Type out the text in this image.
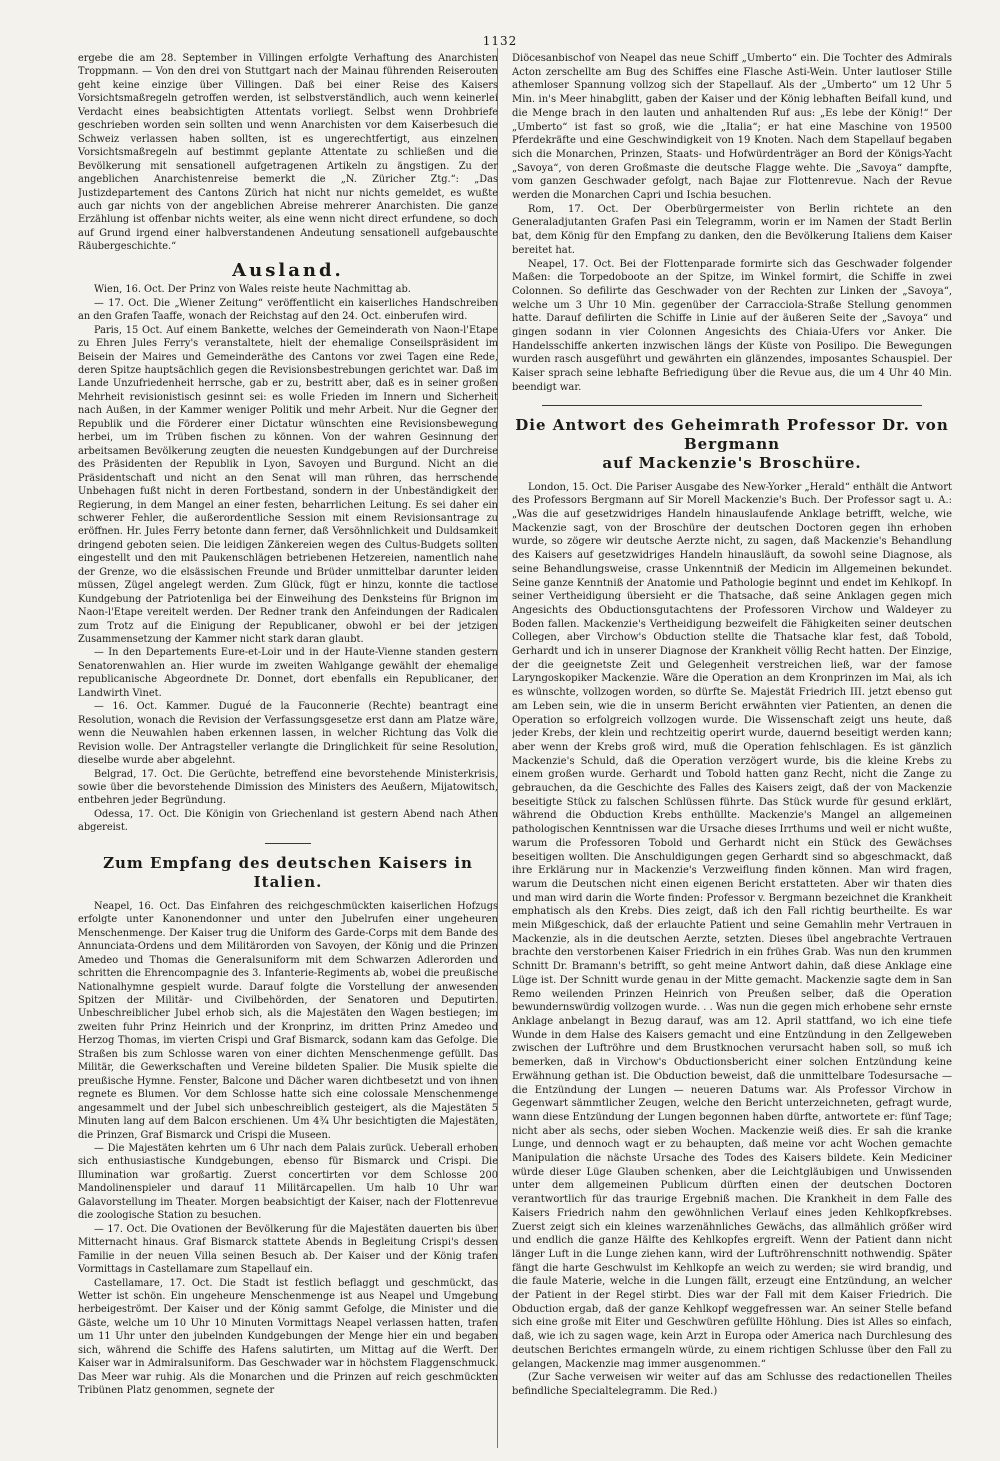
1132

ergebe die am 28. September in Villingen erfolgte Verhaftung des Anarchisten Troppmann. — Von den drei von Stuttgart nach der Mainau führenden Reiserouten geht keine einzige über Villingen. Daß bei einer Reise des Kaisers Vorsichtsmaßregeln getroffen werden, ist selbstverständlich, auch wenn keinerlei Verdacht eines beabsichtigten Attentats vorliegt. Selbst wenn Drohbriefe geschrieben worden sein sollten und wenn Anarchisten vor dem Kaiserbesuch die Schweiz verlassen haben sollten, ist es ungerechtfertigt, aus einzelnen Vorsichtsmaßregeln auf bestimmt geplante Attentate zu schließen und die Bevölkerung mit sensationell aufgetragenen Artikeln zu ängstigen. Zu der angeblichen Anarchistenreise bemerkt die „N. Züricher Ztg.“: „Das Justizdepartement des Cantons Zürich hat nicht nur nichts gemeldet, es wußte auch gar nichts von der angeblichen Abreise mehrerer Anarchisten. Die ganze Erzählung ist offenbar nichts weiter, als eine wenn nicht direct erfundene, so doch auf Grund irgend einer halbverstandenen Andeutung sensationell aufgebauschte Räubergeschichte.“

Ausland.

Wien, 16. Oct. Der Prinz von Wales reiste heute Nachmittag ab.

— 17. Oct. Die „Wiener Zeitung“ veröffentlicht ein kaiserliches Handschreiben an den Grafen Taaffe, wonach der Reichstag auf den 24. Oct. einberufen wird.

Paris, 15 Oct. Auf einem Bankette, welches der Gemeinderath von Naon-l'Etape zu Ehren Jules Ferry's veranstaltete, hielt der ehemalige Conseilspräsident im Beisein der Maires und Gemeinderäthe des Cantons vor zwei Tagen eine Rede, deren Spitze hauptsächlich gegen die Revisionsbestrebungen gerichtet war. Daß im Lande Unzufriedenheit herrsche, gab er zu, bestritt aber, daß es in seiner großen Mehrheit revisionistisch gesinnt sei: es wolle Frieden im Innern und Sicherheit nach Außen, in der Kammer weniger Politik und mehr Arbeit. Nur die Gegner der Republik und die Förderer einer Dictatur wünschten eine Revisionsbewegung herbei, um im Trüben fischen zu können. Von der wahren Gesinnung der arbeitsamen Bevölkerung zeugten die neuesten Kundgebungen auf der Durchreise des Präsidenten der Republik in Lyon, Savoyen und Burgund. Nicht an die Präsidentschaft und nicht an den Senat will man rühren, das herrschende Unbehagen fußt nicht in deren Fortbestand, sondern in der Unbeständigkeit der Regierung, in dem Mangel an einer festen, beharrlichen Leitung. Es sei daher ein schwerer Fehler, die außerordentliche Session mit einem Revisionsantrage zu eröffnen. Hr. Jules Ferry betonte dann ferner, daß Versöhnlichkeit und Duldsamkeit dringend geboten seien. Die leidigen Zänkereien wegen des Cultus-Budgets sollten eingestellt und den mit Paukenschlägen betriebenen Hetzereien, namentlich nahe der Grenze, wo die elsässischen Freunde und Brüder unmittelbar darunter leiden müssen, Zügel angelegt werden. Zum Glück, fügt er hinzu, konnte die tactlose Kundgebung der Patriotenliga bei der Einweihung des Denksteins für Brignon im Naon-l'Etape vereitelt werden. Der Redner trank den Anfeindungen der Radicalen zum Trotz auf die Einigung der Republicaner, obwohl er bei der jetzigen Zusammensetzung der Kammer nicht stark daran glaubt.

— In den Departements Eure-et-Loir und in der Haute-Vienne standen gestern Senatorenwahlen an. Hier wurde im zweiten Wahlgange gewählt der ehemalige republicanische Abgeordnete Dr. Donnet, dort ebenfalls ein Republicaner, der Landwirth Vinet.

— 16. Oct. Kammer. Dugué de la Fauconnerie (Rechte) beantragt eine Resolution, wonach die Revision der Verfassungsgesetze erst dann am Platze wäre, wenn die Neuwahlen haben erkennen lassen, in welcher Richtung das Volk die Revision wolle. Der Antragsteller verlangte die Dringlichkeit für seine Resolution, dieselbe wurde aber abgelehnt.

Belgrad, 17. Oct. Die Gerüchte, betreffend eine bevorstehende Ministerkrisis, sowie über die bevorstehende Dimission des Ministers des Aeußern, Mijatowitsch, entbehren jeder Begründung.

Odessa, 17. Oct. Die Königin von Griechenland ist gestern Abend nach Athen abgereist.

Zum Empfang des deutschen Kaisers in Italien.

Neapel, 16. Oct. Das Einfahren des reichgeschmückten kaiserlichen Hofzugs erfolgte unter Kanonendonner und unter den Jubelrufen einer ungeheuren Menschenmenge. Der Kaiser trug die Uniform des Garde-Corps mit dem Bande des Annunciata-Ordens und dem Militärorden von Savoyen, der König und die Prinzen Amedeo und Thomas die Generalsuniform mit dem Schwarzen Adlerorden und schritten die Ehrencompagnie des 3. Infanterie-Regiments ab, wobei die preußische Nationalhymne gespielt wurde. Darauf folgte die Vorstellung der anwesenden Spitzen der Militär- und Civilbehörden, der Senatoren und Deputirten. Unbeschreiblicher Jubel erhob sich, als die Majestäten den Wagen bestiegen; im zweiten fuhr Prinz Heinrich und der Kronprinz, im dritten Prinz Amedeo und Herzog Thomas, im vierten Crispi und Graf Bismarck, sodann kam das Gefolge. Die Straßen bis zum Schlosse waren von einer dichten Menschenmenge gefüllt. Das Militär, die Gewerkschaften und Vereine bildeten Spalier. Die Musik spielte die preußische Hymne. Fenster, Balcone und Dächer waren dichtbesetzt und von ihnen regnete es Blumen. Vor dem Schlosse hatte sich eine colossale Menschenmenge angesammelt und der Jubel sich unbeschreiblich gesteigert, als die Majestäten 5 Minuten lang auf dem Balcon erschienen. Um 4¾ Uhr besichtigten die Majestäten, die Prinzen, Graf Bismarck und Crispi die Museen.

— Die Majestäten kehrten um 6 Uhr nach dem Palais zurück. Ueberall erhoben sich enthusiastische Kundgebungen, ebenso für Bismarck und Crispi. Die Illumination war großartig. Zuerst concertirten vor dem Schlosse 200 Mandolinenspieler und darauf 11 Militärcapellen. Um halb 10 Uhr war Galavorstellung im Theater. Morgen beabsichtigt der Kaiser, nach der Flottenrevue die zoologische Station zu besuchen.

— 17. Oct. Die Ovationen der Bevölkerung für die Majestäten dauerten bis über Mitternacht hinaus. Graf Bismarck stattete Abends in Begleitung Crispi's dessen Familie in der neuen Villa seinen Besuch ab. Der Kaiser und der König trafen Vormittags in Castellamare zum Stapellauf ein.

Castellamare, 17. Oct. Die Stadt ist festlich beflaggt und geschmückt, das Wetter ist schön. Ein ungeheure Menschenmenge ist aus Neapel und Umgebung herbeigeströmt. Der Kaiser und der König sammt Gefolge, die Minister und die Gäste, welche um 10 Uhr 10 Minuten Vormittags Neapel verlassen hatten, trafen um 11 Uhr unter den jubelnden Kundgebungen der Menge hier ein und begaben sich, während die Schiffe des Hafens salutirten, um Mittag auf die Werft. Der Kaiser war in Admiralsuniform. Das Geschwader war in höchstem Flaggenschmuck. Das Meer war ruhig. Als die Monarchen und die Prinzen auf reich geschmückten Tribünen Platz genommen, segnete der

Diöcesanbischof von Neapel das neue Schiff „Umberto“ ein. Die Tochter des Admirals Acton zerschellte am Bug des Schiffes eine Flasche Asti-Wein. Unter lautloser Stille athemloser Spannung vollzog sich der Stapellauf. Als der „Umberto“ um 12 Uhr 5 Min. in's Meer hinabglitt, gaben der Kaiser und der König lebhaften Beifall kund, und die Menge brach in den lauten und anhaltenden Ruf aus: „Es lebe der König!“ Der „Umberto“ ist fast so groß, wie die „Italia“; er hat eine Maschine von 19500 Pferdekräfte und eine Geschwindigkeit von 19 Knoten. Nach dem Stapellauf begaben sich die Monarchen, Prinzen, Staats- und Hofwürdenträger an Bord der Königs-Yacht „Savoya“, von deren Großmaste die deutsche Flagge wehte. Die „Savoya“ dampfte, vom ganzen Geschwader gefolgt, nach Bajae zur Flottenrevue. Nach der Revue werden die Monarchen Capri und Ischia besuchen.

Rom, 17. Oct. Der Oberbürgermeister von Berlin richtete an den Generaladjutanten Grafen Pasi ein Telegramm, worin er im Namen der Stadt Berlin bat, dem König für den Empfang zu danken, den die Bevölkerung Italiens dem Kaiser bereitet hat.

Neapel, 17. Oct. Bei der Flottenparade formirte sich das Geschwader folgender Maßen: die Torpedoboote an der Spitze, im Winkel formirt, die Schiffe in zwei Colonnen. So defilirte das Geschwader von der Rechten zur Linken der „Savoya“, welche um 3 Uhr 10 Min. gegenüber der Carracciola-Straße Stellung genommen hatte. Darauf defilirten die Schiffe in Linie auf der äußeren Seite der „Savoya“ und gingen sodann in vier Colonnen Angesichts des Chiaia-Ufers vor Anker. Die Handelsschiffe ankerten inzwischen längs der Küste von Posilipo. Die Bewegungen wurden rasch ausgeführt und gewährten ein glänzendes, imposantes Schauspiel. Der Kaiser sprach seine lebhafte Befriedigung über die Revue aus, die um 4 Uhr 40 Min. beendigt war.

Die Antwort des Geheimrath Professor Dr. von Bergmann
auf Mackenzie's Broschüre.

London, 15. Oct. Die Pariser Ausgabe des New-Yorker „Herald“ enthält die Antwort des Professors Bergmann auf Sir Morell Mackenzie's Buch. Der Professor sagt u. A.: „Was die auf gesetzwidriges Handeln hinauslaufende Anklage betrifft, welche, wie Mackenzie sagt, von der Broschüre der deutschen Doctoren gegen ihn erhoben wurde, so zögere wir deutsche Aerzte nicht, zu sagen, daß Mackenzie's Behandlung des Kaisers auf gesetzwidriges Handeln hinausläuft, da sowohl seine Diagnose, als seine Behandlungsweise, crasse Unkenntniß der Medicin im Allgemeinen bekundet. Seine ganze Kenntniß der Anatomie und Pathologie beginnt und endet im Kehlkopf. In seiner Vertheidigung übersieht er die Thatsache, daß seine Anklagen gegen mich Angesichts des Obductionsgutachtens der Professoren Virchow und Waldeyer zu Boden fallen. Mackenzie's Vertheidigung bezweifelt die Fähigkeiten seiner deutschen Collegen, aber Virchow's Obduction stellte die Thatsache klar fest, daß Tobold, Gerhardt und ich in unserer Diagnose der Krankheit völlig Recht hatten. Der Einzige, der die geeignetste Zeit und Gelegenheit verstreichen ließ, war der famose Laryngoskopiker Mackenzie. Wäre die Operation an dem Kronprinzen im Mai, als ich es wünschte, vollzogen worden, so dürfte Se. Majestät Friedrich III. jetzt ebenso gut am Leben sein, wie die in unserm Bericht erwähnten vier Patienten, an denen die Operation so erfolgreich vollzogen wurde. Die Wissenschaft zeigt uns heute, daß jeder Krebs, der klein und rechtzeitig operirt wurde, dauernd beseitigt werden kann; aber wenn der Krebs groß wird, muß die Operation fehlschlagen. Es ist gänzlich Mackenzie's Schuld, daß die Operation verzögert wurde, bis die kleine Krebs zu einem großen wurde. Gerhardt und Tobold hatten ganz Recht, nicht die Zange zu gebrauchen, da die Geschichte des Falles des Kaisers zeigt, daß der von Mackenzie beseitigte Stück zu falschen Schlüssen führte. Das Stück wurde für gesund erklärt, während die Obduction Krebs enthüllte. Mackenzie's Mangel an allgemeinen pathologischen Kenntnissen war die Ursache dieses Irrthums und weil er nicht wußte, warum die Professoren Tobold und Gerhardt nicht ein Stück des Gewächses beseitigen wollten. Die Anschuldigungen gegen Gerhardt sind so abgeschmackt, daß ihre Erklärung nur in Mackenzie's Verzweiflung finden können. Man wird fragen, warum die Deutschen nicht einen eigenen Bericht erstatteten. Aber wir thaten dies und man wird darin die Worte finden: Professor v. Bergmann bezeichnet die Krankheit emphatisch als den Krebs. Dies zeigt, daß ich den Fall richtig beurtheilte. Es war mein Mißgeschick, daß der erlauchte Patient und seine Gemahlin mehr Vertrauen in Mackenzie, als in die deutschen Aerzte, setzten. Dieses übel angebrachte Vertrauen brachte den verstorbenen Kaiser Friedrich in ein frühes Grab. Was nun den krummen Schnitt Dr. Bramann's betrifft, so geht meine Antwort dahin, daß diese Anklage eine Lüge ist. Der Schnitt wurde genau in der Mitte gemacht. Mackenzie sagte dem in San Remo weilenden Prinzen Heinrich von Preußen selber, daß die Operation bewundernswürdig vollzogen wurde. . . Was nun die gegen mich erhobene sehr ernste Anklage anbelangt in Bezug darauf, was am 12. April stattfand, wo ich eine tiefe Wunde in dem Halse des Kaisers gemacht und eine Entzündung in den Zellgeweben zwischen der Luftröhre und dem Brustknochen verursacht haben soll, so muß ich bemerken, daß in Virchow's Obductionsbericht einer solchen Entzündung keine Erwähnung gethan ist. Die Obduction beweist, daß die unmittelbare Todesursache — die Entzündung der Lungen — neueren Datums war. Als Professor Virchow in Gegenwart sämmtlicher Zeugen, welche den Bericht unterzeichneten, gefragt wurde, wann diese Entzündung der Lungen begonnen haben dürfte, antwortete er: fünf Tage; nicht aber als sechs, oder sieben Wochen. Mackenzie weiß dies. Er sah die kranke Lunge, und dennoch wagt er zu behaupten, daß meine vor acht Wochen gemachte Manipulation die nächste Ursache des Todes des Kaisers bildete. Kein Mediciner würde dieser Lüge Glauben schenken, aber die Leichtgläubigen und Unwissenden unter dem allgemeinen Publicum dürften einen der deutschen Doctoren verantwortlich für das traurige Ergebniß machen. Die Krankheit in dem Falle des Kaisers Friedrich nahm den gewöhnlichen Verlauf eines jeden Kehlkopfkrebses. Zuerst zeigt sich ein kleines warzenähnliches Gewächs, das allmählich größer wird und endlich die ganze Hälfte des Kehlkopfes ergreift. Wenn der Patient dann nicht länger Luft in die Lunge ziehen kann, wird der Luftröhrenschnitt nothwendig. Später fängt die harte Geschwulst im Kehlkopfe an weich zu werden; sie wird brandig, und die faule Materie, welche in die Lungen fällt, erzeugt eine Entzündung, an welcher der Patient in der Regel stirbt. Dies war der Fall mit dem Kaiser Friedrich. Die Obduction ergab, daß der ganze Kehlkopf weggefressen war. An seiner Stelle befand sich eine große mit Eiter und Geschwüren gefüllte Höhlung. Dies ist Alles so einfach, daß, wie ich zu sagen wage, kein Arzt in Europa oder America nach Durchlesung des deutschen Berichtes ermangeln würde, zu einem richtigen Schlusse über den Fall zu gelangen, Mackenzie mag immer ausgenommen.“

(Zur Sache verweisen wir weiter auf das am Schlusse des redactionellen Theiles befindliche Specialtelegramm. Die Red.)
